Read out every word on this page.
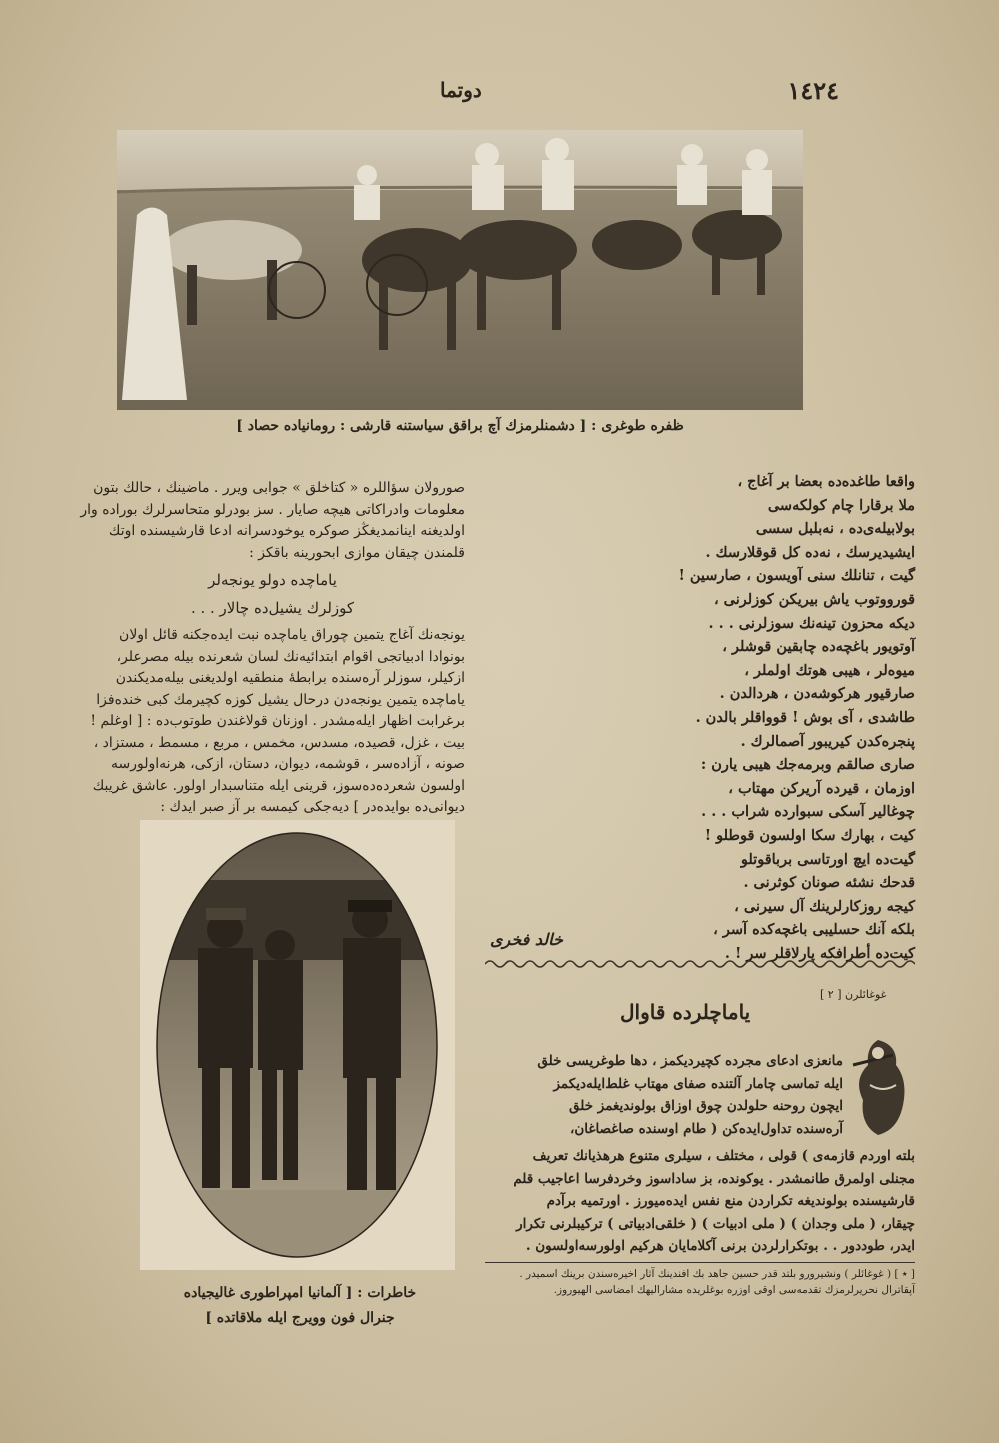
دوتما	١٤٢٤
ظفره طوغری : [ دشمنلرمزك آچ براقق سیاستنه قارشی : رومانیاده حصاد ]
واقعا طاغده‌ده بعضا بر آغاج ،
ملا برقارا چام كولكه‌سی
بولابیله‌ی‌ده ، نه‌بلبل سسی
ایشیدیرسك ، نه‌ده كل قوقلارسك .
گیت ، تنانلك سنی آویسون ، صارسین !
قورووتوب یاش بیریكن كوزلرنی ،
دیكه محزون تینه‌نك سوزلرنی . . .
آوتویور باغچه‌ده چابقین قوشلر ،
میوه‌لر ، هیبی هوتك اولملر ،
صارقیور هركوشه‌دن ، هردالدن .
طاشدی ، آی بوش ! قوواقلر بالدن .
پنجره‌كدن كیریبور آصمالرك .
صاری صالقم وبرمه‌جك هیبی یارن :
اوزمان ، قیرده آریركن مهتاب ،
چوغالیر آسكی سبوارده شراب . . .
كیت ، بهارك سكا اولسون قوطلو !
گیت‌ده ایچ اورتاسی برباقوتلو
قدحك نشئه صونان كوثرنی .
كیجه روزكارلرینك آل سیرنی ،
بلكه آنك حسلیبی باغچه‌كده آسر ،
كیت‌ده أطرافكه پارلاقلر سر ! .
خالد فخری
غوغائلرن [ ٢ ]
یاماچلرده قاوال
مانعزی ادعای مجرده کچیردیکمز ، دها طوغریسی خلق
ایله تماسی چامار آلتنده صفای مهتاب غلط‌ایله‌دیكمز
ایچون روحنه حلولدن چوق اوزاق بولوندیغمز خلق
آره‌سنده تداول‌ایده‌كن ( طام اوسنده صاغصاغان،
بلته اوردم قازمه‌ی ) قولی ، مختلف ، سیلری متنوع هرهذیانك تعریف
مجنلی اولمرق طانمشدر . یوكونده، بز ساداسوز وخردفرسا اعاجیب قلم
قارشیسنده بولوندیغه تكراردن منع نفس ایده‌میورز . اورتمیه برآدم
چیقار، ( ملی وجدان ) ( ملی ادبیات ) ( خلقی‌ادبیاتی ) تركیبلرنی تكرار
ایدر، طوددور . . بوتكرارلردن برنی آكلامایان هركیم اولورسه‌اولسون .
[ ٭ ] ( غوغائلر ) ونشیرورو بلتد قدر حسین جاهد بك افندینك آثار اخیره‌سندن برینك اسمیدر . آپقاترال نحریرلرمزك تقدمه‌سی اوقی اوزره بوغلریده مشارالیهك امضاسی الهیوروز.

صورولان سؤاللره « كتاخلق » جوابی ویرر . ماضینك ، حالك بتون معلومات وادراكاتی هیچه صایار . سز بودرلو متحاسرلرك بوراده وار اولدیغنه اینانمدیغڭز صوكره یوخودسرانه ادعا قارشیسنده اوتك قلمندن چیقان موازی ابحورینه باقكز :

یاماچده دولو یونجه‌لر
کوزلرك یشیل‌ده چالار . . .

یونجه‌نك آغاج یتمین چوراق یاماچده نبت ایده‌جکنه قائل اولان بونوادا ادبیاتجی اقوام ابتدائیه‌نك لسان شعرنده بیله مصرعلر، ازكیلر، سوزلر آره‌سنده برابطهٔ منطقیه اولدیغنی بیله‌مدیكندن یاماچده یتمین یونجه‌دن درحال یشیل کوزه کچیرمك کبی خنده‌فزا برغرابت اظهار ایله‌مشدر . اوزنان قولاغندن طوتوب‌ده : [ اوغلم ! بیت ، غزل، قصیده، مسدس، مخمس ، مربع ، مسمط ، مستزاد ، صونه ، آزاده‌سر ، قوشمه، دیوان، دستان، ازکی، هرنه‌اولورسه اولسون شعرده‌ده‌سوز، قرینی ایله متناسبدار اولور. عاشق غریبك دیوانی‌ده بوایده‌در ] دیه‌جکی کیمسه بر آز صبر ایدك :

خاطرات : [ آلمانیا امپراطوری غالیجیاده
جنرال فون وویرج ایله ملاقاتده ]
